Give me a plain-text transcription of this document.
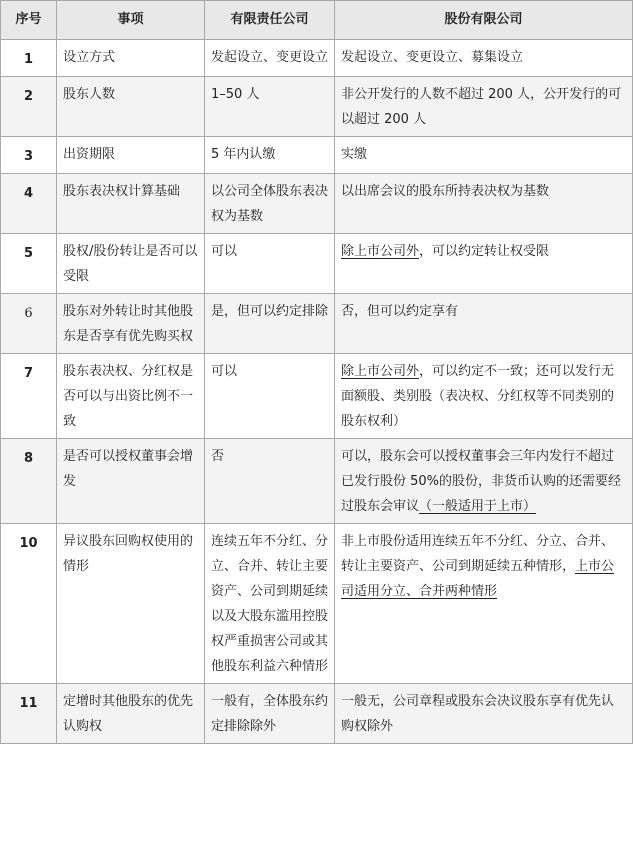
序号	事项	有限责任公司	股份有限公司
1	设立方式	发起设立、变更设立	发起设立、变更设立、募集设立
2	股东人数	1–50 人	非公开发行的人数不超过 200 人，公开发行的可以超过 200 人
3	出资期限	5 年内认缴	实缴
4	股东表决权计算基础	以公司全体股东表决权为基数	以出席会议的股东所持表决权为基数
5	股权/股份转让是否可以受限	可以	除上市公司外，可以约定转让权受限
6	股东对外转让时其他股东是否享有优先购买权	是，但可以约定排除	否，但可以约定享有
7	股东表决权、分红权是否可以与出资比例不一致	可以	除上市公司外，可以约定不一致；还可以发行无面额股、类别股（表决权、分红权等不同类别的股东权利）
8	是否可以授权董事会增发	否	可以，股东会可以授权董事会三年内发行不超过已发行股份 50%的股份，非货币认购的还需要经过股东会审议（一般适用于上市）
10	异议股东回购权使用的情形	连续五年不分红、分立、合并、转让主要资产、公司到期延续以及大股东滥用控股权严重损害公司或其他股东利益六种情形	非上市股份适用连续五年不分红、分立、合并、转让主要资产、公司到期延续五种情形，上市公司适用分立、合并两种情形
11	定增时其他股东的优先认购权	一般有，全体股东约定排除除外	一般无，公司章程或股东会决议股东享有优先认购权除外
